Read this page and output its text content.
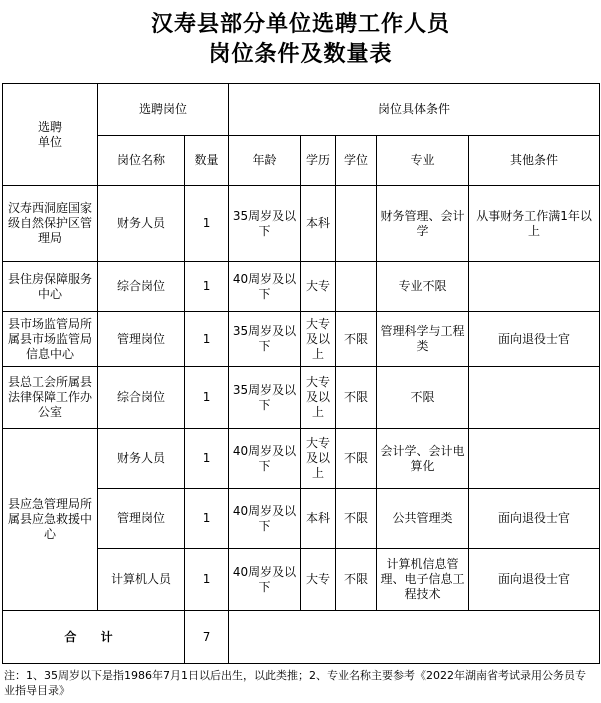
汉寿县部分单位选聘工作人员
岗位条件及数量表
选聘
单位	选聘岗位		岗位具体条件				
	岗位名称	数量	年龄	学历	学位	专业	其他条件
汉寿西洞庭国家级自然保护区管理局	财务人员	1	35周岁及以下	本科		财务管理、会计学	从事财务工作满1年以上
县住房保障服务中心	综合岗位	1	40周岁及以下	大专		专业不限	
县市场监管局所属县市场监管局信息中心	管理岗位	1	35周岁及以下	大专及以上	不限	管理科学与工程类	面向退役士官
县总工会所属县法律保障工作办公室	综合岗位	1	35周岁及以下	大专及以上	不限	不限	
县应急管理局所属县应急救援中心	财务人员	1	40周岁及以下	大专及以上	不限	会计学、会计电算化	
	管理岗位	1	40周岁及以下	本科	不限	公共管理类	面向退役士官
	计算机人员	1	40周岁及以下	大专	不限	计算机信息管理、电子信息工程技术	面向退役士官
合 计		7					
注：1、35周岁以下是指1986年7月1日以后出生，以此类推；2、专业名称主要参考《2022年湖南省考试录用公务员专业指导目录》
